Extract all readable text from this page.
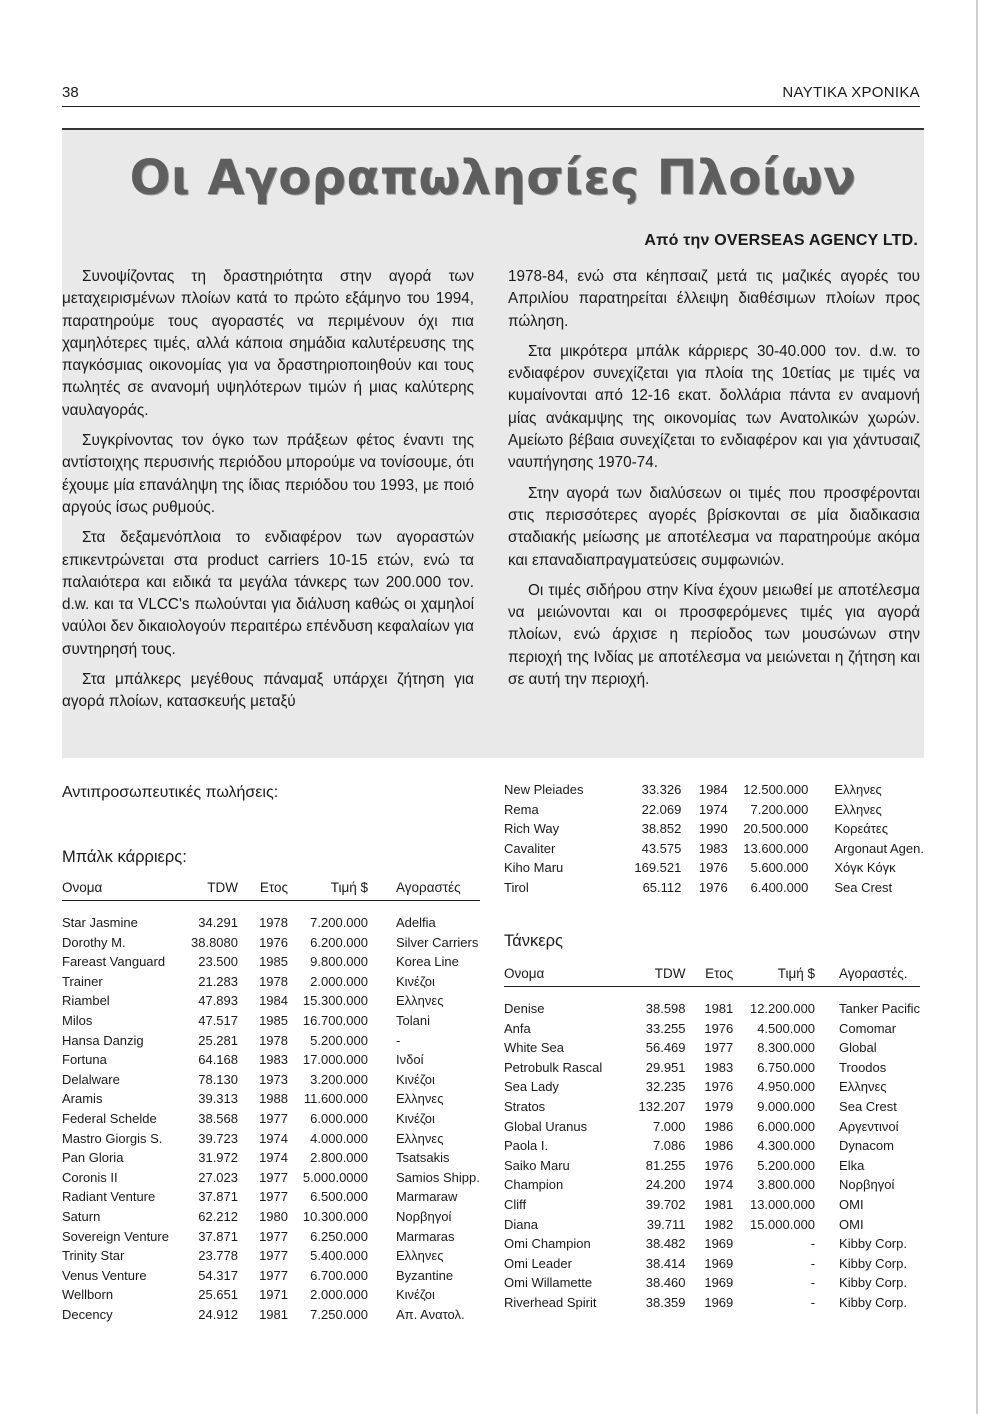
38	ΝΑΥΤΙΚΑ ΧΡΟΝΙΚΑ
Οι Αγοραπωλησίες Πλοίων
Από την OVERSEAS AGENCY LTD.

Συνοψίζοντας τη δραστηριότητα στην αγορά των μεταχειρισμένων πλοίων κατά το πρώτο εξάμηνο του 1994, παρατηρούμε τους αγοραστές να περιμένουν όχι πια χαμηλότερες τιμές, αλλά κάποια σημάδια καλυτέρευσης της παγκόσμιας οικονομίας για να δραστηριοποιηθούν και τους πωλητές σε ανανομή υψηλότερων τιμών ή μιας καλύτερης ναυλαγοράς.

Συγκρίνοντας τον όγκο των πράξεων φέτος έναντι της αντίστοιχης περυσινής περιόδου μπορούμε να τονίσουμε, ότι έχουμε μία επανάληψη της ίδιας περιόδου του 1993, με ποιό αργούς ίσως ρυθμούς.

Στα δεξαμενόπλοια το ενδιαφέρον των αγοραστών επικεντρώνεται στα product carriers 10-15 ετών, ενώ τα παλαιότερα και ειδικά τα μεγάλα τάνκερς των 200.000 τον. d.w. και τα VLCC's πωλούνται για διάλυση καθώς οι χαμηλοί ναύλοι δεν δικαιολογούν περαιτέρω επένδυση κεφαλαίων για συντηρησή τους.

Στα μπάλκερς μεγέθους πάναμαξ υπάρχει ζήτηση για αγορά πλοίων, κατασκευής μεταξύ

1978-84, ενώ στα κέηπσαιζ μετά τις μαζικές αγορές του Απριλίου παρατηρείται έλλειψη διαθέσιμων πλοίων προς πώληση.

Στα μικρότερα μπάλκ κάρριερς 30-40.000 τον. d.w. το ενδιαφέρον συνεχίζεται για πλοία της 10ετίας με τιμές να κυμαίνονται από 12-16 εκατ. δολλάρια πάντα εν αναμονή μίας ανάκαμψης της οικονομίας των Ανατολικών χωρών. Αμείωτο βέβαια συνεχίζεται το ενδιαφέρον και για χάντυσαιζ ναυπήγησης 1970-74.

Στην αγορά των διαλύσεων οι τιμές που προσφέρονται στις περισσότερες αγορές βρίσκονται σε μία διαδικασια σταδιακής μείωσης με αποτέλεσμα να παρατηρούμε ακόμα και επαναδιαπραγματεύσεις συμφωνιών.

Οι τιμές σιδήρου στην Κίνα έχουν μειωθεί με αποτέλεσμα να μειώνονται και οι προσφερόμενες τιμές για αγορά πλοίων, ενώ άρχισε η περίοδος των μουσώνων στην περιοχή της Ινδίας με αποτέλεσμα να μειώνεται η ζήτηση και σε αυτή την περιοχή.

Αντιπροσωπευτικές πωλήσεις:
Μπάλκ κάρριερς:
Ονομα	TDW	Ετος	Τιμή $	Αγοραστές

Star Jasmine	34.291	1978	7.200.000	Adelfia
Dorothy M.	38.8080	1976	6.200.000	Silver Carriers
Fareast Vanguard	23.500	1985	9.800.000	Korea Line
Trainer	21.283	1978	2.000.000	Κινέζοι
Riambel	47.893	1984	15.300.000	Ελληνες
Milos	47.517	1985	16.700.000	Tolani
Hansa Danzig	25.281	1978	5.200.000	-
Fortuna	64.168	1983	17.000.000	Ινδοί
Delalware	78.130	1973	3.200.000	Κινέζοι
Aramis	39.313	1988	11.600.000	Ελληνες
Federal Schelde	38.568	1977	6.000.000	Κινέζοι
Mastro Giorgis S.	39.723	1974	4.000.000	Ελληνες
Pan Gloria	31.972	1974	2.800.000	Tsatsakis
Coronis II	27.023	1977	5.000.0000	Samios Shipp.
Radiant Venture	37.871	1977	6.500.000	Marmaraw
Saturn	62.212	1980	10.300.000	Νορβηγοί
Sovereign Venture	37.871	1977	6.250.000	Marmaras
Trinity Star	23.778	1977	5.400.000	Ελληνες
Venus Venture	54.317	1977	6.700.000	Byzantine
Wellborn	25.651	1971	2.000.000	Κινέζοι
Decency	24.912	1981	7.250.000	Απ. Ανατολ.
New Pleiades	33.326	1984	12.500.000	Ελληνες
Rema	22.069	1974	7.200.000	Ελληνες
Rich Way	38.852	1990	20.500.000	Κορεάτες
Cavaliter	43.575	1983	13.600.000	Argonaut Agen.
Kiho Maru	169.521	1976	5.600.000	Χόγκ Κόγκ
Tirol	65.112	1976	6.400.000	Sea Crest
Τάνκερς
Ονομα	TDW	Ετος	Τιμή $	Αγοραστές.

Denise	38.598	1981	12.200.000	Tanker Pacific
Anfa	33.255	1976	4.500.000	Comomar
White Sea	56.469	1977	8.300.000	Global
Petrobulk Rascal	29.951	1983	6.750.000	Troodos
Sea Lady	32.235	1976	4.950.000	Ελληνες
Stratos	132.207	1979	9.000.000	Sea Crest
Global Uranus	7.000	1986	6.000.000	Αργεντινοί
Paola I.	7.086	1986	4.300.000	Dynacom
Saiko Maru	81.255	1976	5.200.000	Elka
Champion	24.200	1974	3.800.000	Νορβηγοί
Cliff	39.702	1981	13.000.000	OMI
Diana	39.711	1982	15.000.000	OMI
Omi Champion	38.482	1969	-	Kibby Corp.
Omi Leader	38.414	1969	-	Kibby Corp.
Omi Willamette	38.460	1969	-	Kibby Corp.
Riverhead Spirit	38.359	1969	-	Kibby Corp.
